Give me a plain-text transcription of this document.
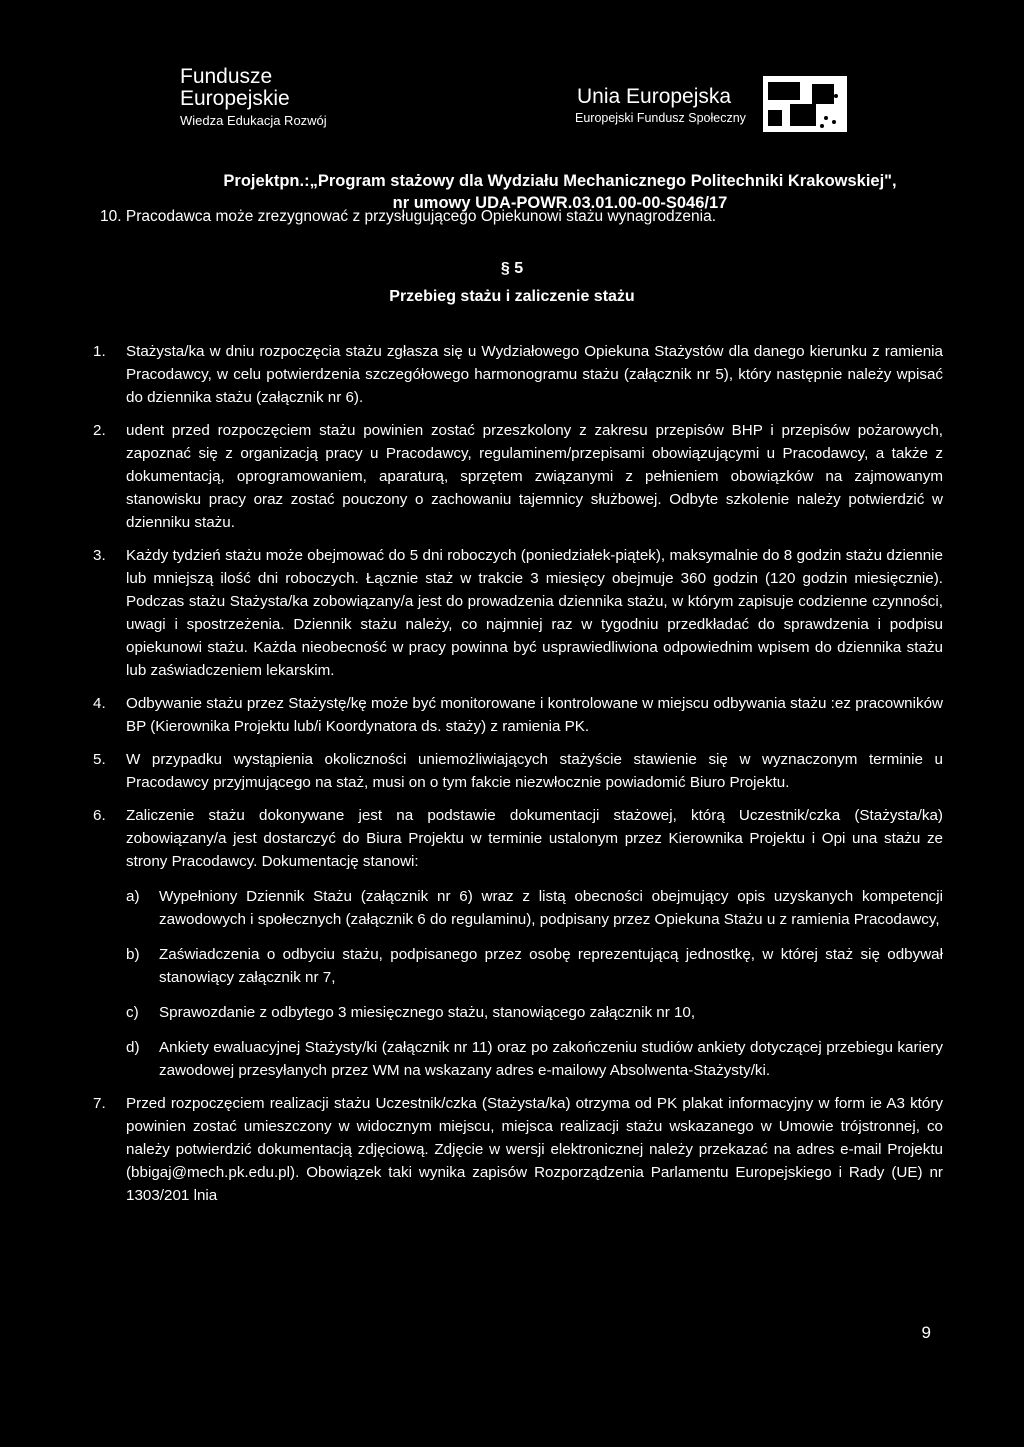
Fundusze
Europejskie
Wiedza Edukacja Rozwój
Unia Europejska
Europejski Fundusz Społeczny
Projektpn.:„Program stażowy dla Wydziału Mechanicznego Politechniki Krakowskiej",
nr umowy UDA-POWR.03.01.00-00-S046/17
10. Pracodawca może zrezygnować z przysługującego Opiekunowi stażu wynagrodzenia.
§ 5
Przebieg stażu i zaliczenie stażu
1. Stażysta/ka w dniu rozpoczęcia stażu zgłasza się u Wydziałowego Opiekuna Stażystów dla danego kierunku z ramienia Pracodawcy, w celu potwierdzenia szczegółowego harmonogramu stażu (załącznik nr 5), który następnie należy wpisać do dziennika stażu (załącznik nr 6).

2. udent przed rozpoczęciem stażu powinien zostać przeszkolony z zakresu przepisów BHP i przepisów pożarowych, zapoznać się z organizacją pracy u Pracodawcy, regulaminem/przepisami obowiązującymi u Pracodawcy, a także z dokumentacją, oprogramowaniem, aparaturą, sprzętem związanymi z pełnieniem obowiązków na zajmowanym stanowisku pracy oraz zostać pouczony o zachowaniu tajemnicy służbowej. Odbyte szkolenie należy potwierdzić w dzienniku stażu.

3. Każdy tydzień stażu może obejmować do 5 dni roboczych (poniedziałek-piątek), maksymalnie do 8 godzin stażu dziennie lub mniejszą ilość dni roboczych. Łącznie staż w trakcie 3 miesięcy obejmuje 360 godzin (120 godzin miesięcznie). Podczas stażu Stażysta/ka zobowiązany/a jest do prowadzenia dziennika stażu, w którym zapisuje codzienne czynności, uwagi i spostrzeżenia. Dziennik stażu należy, co najmniej raz w tygodniu przedkładać do sprawdzenia i podpisu opiekunowi stażu. Każda nieobecność w pracy powinna być usprawiedliwiona odpowiednim wpisem do dziennika stażu lub zaświadczeniem lekarskim.

4. Odbywanie stażu przez Stażystę/kę może być monitorowane i kontrolowane w miejscu odbywania stażu :ez pracowników BP (Kierownika Projektu lub/i Koordynatora ds. staży) z ramienia PK.

5. W przypadku wystąpienia okoliczności uniemożliwiających stażyście stawienie się w wyznaczonym terminie u Pracodawcy przyjmującego na staż, musi on o tym fakcie niezwłocznie powiadomić Biuro Projektu.

6. Zaliczenie stażu dokonywane jest na podstawie dokumentacji stażowej, którą Uczestnik/czka (Stażysta/ka) zobowiązany/a jest dostarczyć do Biura Projektu w terminie ustalonym przez Kierownika Projektu i Opi una stażu ze strony Pracodawcy. Dokumentację stanowi:

a) Wypełniony Dziennik Stażu (załącznik nr 6) wraz z listą obecności obejmujący opis uzyskanych kompetencji zawodowych i społecznych (załącznik 6 do regulaminu), podpisany przez Opiekuna Stażu u z ramienia Pracodawcy,

b) Zaświadczenia o odbyciu stażu, podpisanego przez osobę reprezentującą jednostkę, w której staż się odbywał stanowiący załącznik nr 7,

c) Sprawozdanie z odbytego 3 miesięcznego stażu, stanowiącego załącznik nr 10,

d) Ankiety ewaluacyjnej Stażysty/ki (załącznik nr 11) oraz po zakończeniu studiów ankiety dotyczącej przebiegu kariery zawodowej przesyłanych przez WM na wskazany adres e-mailowy Absolwenta-Stażysty/ki.

7. Przed rozpoczęciem realizacji stażu Uczestnik/czka (Stażysta/ka) otrzyma od PK plakat informacyjny w form ie A3 który powinien zostać umieszczony w widocznym miejscu, miejsca realizacji stażu wskazanego w Umowie trójstronnej, co należy potwierdzić dokumentacją zdjęciową. Zdjęcie w wersji elektronicznej należy przekazać na adres e-mail Projektu (bbigaj@mech.pk.edu.pl). Obowiązek taki wynika zapisów Rozporządzenia Parlamentu Europejskiego i Rady (UE) nr 1303/201 lnia

9
